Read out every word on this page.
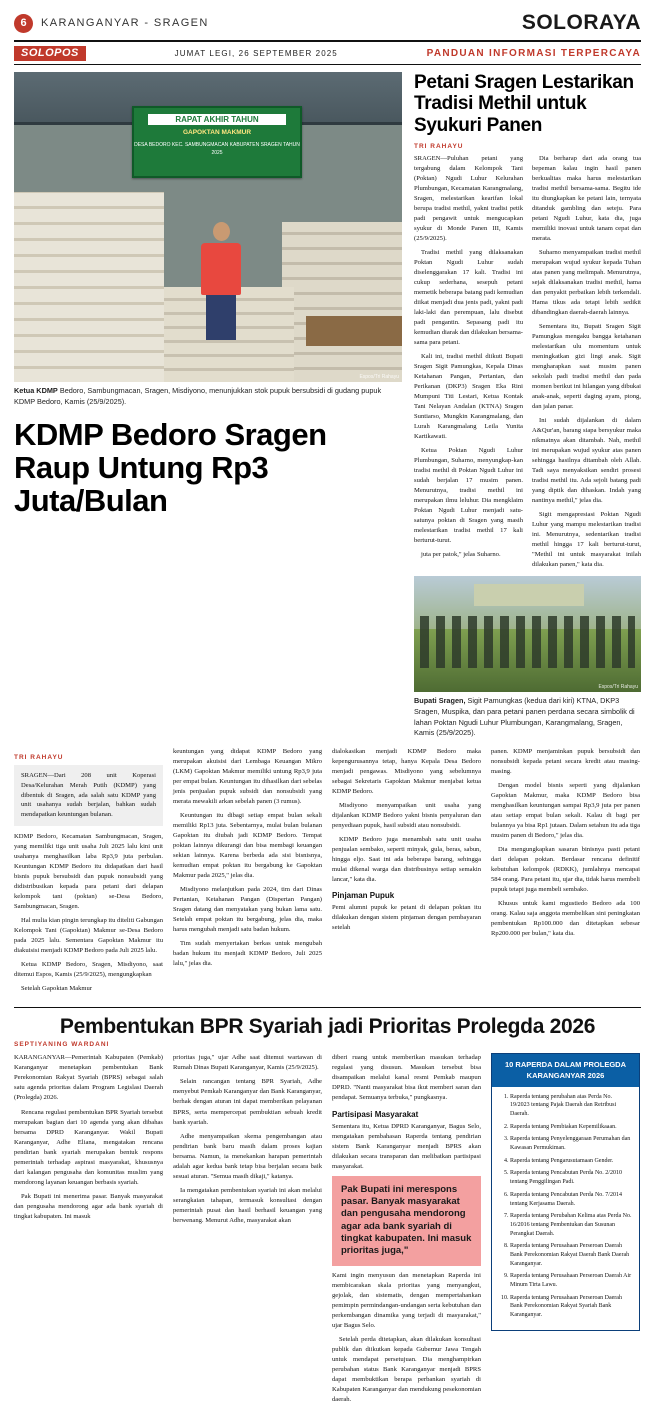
6	KARANGANYAR - SRAGEN	SOLORAYA
SOLOPOS	JUMAT LEGI, 26 SEPTEMBER 2025	PANDUAN INFORMASI TERPERCAYA
RAPAT AKHIR TAHUN
GAPOKTAN MAKMUR
DESA BEDORO KEC. SAMBUNGMACAN KABUPATEN SRAGEN TAHUN 2025
Espos/Tri Rahayu
Ketua KDMP Bedoro, Sambungmacan, Sragen, Misdiyono, menunjukkan stok pupuk bersubsidi di gudang pupuk KDMP Bedoro, Kamis (25/9/2025).
KDMP Bedoro Sragen Raup Untung Rp3 Juta/Bulan
Petani Sragen Lestarikan Tradisi Methil untuk Syukuri Panen
TRI RAHAYU

SRAGEN—Puluhan petani yang tergabung dalam Kelompok Tani (Poktan) Ngudi Luhur Kelurahan Plumbungan, Kecamatan Karangmalang, Sragen, melestarikan kearifan lokal berupa tradisi methil, yakni tradisi petik padi pengawit untuk mengucapkan syukur di Monde Panen III, Kamis (25/9/2025).

Tradisi methil yang dilaksanakan Poktan Ngudi Luhur sudah diselenggarakan 17 kali. Tradisi ini cukup sederhana, sesepuh petani memetik beberapa batang padi kemudian diikat menjadi dua jenis padi, yakni padi laki-laki dan perempuan, lalu disebut padi pengantin. Sepasang padi itu kemudian diarak dan dilakukan bersama-sama para petani.

Kali ini, tradisi methil diikuti Bupati Sragen Sigit Pamungkas, Kepala Dinas Ketahanan Pangan, Pertanian, dan Perikanan (DKP3) Sragen Eka Rini Mumpuni Titi Lestari, Ketua Kontak Tani Nelayan Andalan (KTNA) Sragen Suntiarso, Mungkin Karangmalang, dan Lurah Karangmalang Leila Yunita Kartikawati.

Ketua Poktan Ngudi Luhur Plumbungan, Suharno, menyungkap-kan tradisi methil di Poktan Ngudi Luhur ini sudah berjalan 17 musim panen. Menurutnya, tradisi methil ini merupakan ilmu leluhur. Dia mengklaim Poktan Ngudi Luhur menjadi satu-satunya poktan di Sragen yang masih melestarikan tradisi methil 17 kali berturut-turut.

juta per patok," jelas Suharno.

Dia berharap dari ada orang tua bepeman kalau ingin hasil panen berkualitas maka harus melestarikan tradisi methil bersama-sama. Begitu ide itu diungkapkan ke petani lain, ternyata ditanduk gambling dan seteju. Para petani Ngudi Luhur, kata dia, juga memiliki inovasi untuk tanam cepat dan merata.

Suharno menyampaikan tradisi methil merupakan wujud syukur kepada Tuhan atas panen yang melimpah. Menurutnya, sejak dilaksanakan tradisi methil, hama dan penyakit perbaikan lebih terkendali. Hama tikus ada tetapi lebih sedikit dibandingkan daerah-daerah lainnya.

Sementara itu, Bupati Sragen Sigit Pamungkas mengaku bangga ketahanan melestarikan ulu momentum untuk meningkatkan gizi lingi anak. Sigit mengharapkan saat musim panen sekolah padi tradisi methil dan pada momen berikut ini hilangan yang dibukai anak-anak, seperti daging ayam, ptong, dan jalan panar.

Ini sudah dijalankan di dalam A&Qur'an, barang siapa bersyukur maka nikmatnya akan ditambah. Nah, methil ini merupakan wujud syukur atas panen sehingga hasilnya ditambah oleh Allah. Tadi saya menyaksikan sendiri prosesi tradisi methil itu. Ada sejoli batang padi yang diptik dan dihaskan. Indah yang nantinya methil," jelas dia.

Sigit mengapresiasi Poktan Ngudi Luhur yang mampu melestarikan tradisi ini. Menurutnya, sedentarikan tradisi methil hingga 17 kali berturut-turut, "Methil ini untuk masyarakat inilah dilakukan panen," kata dia.

Espos/Tri Rahayu
Bupati Sragen, Sigit Pamungkas (kedua dari kiri) KTNA, DKP3 Sragen, Muspika, dan para petani panen perdana secara simbolik di lahan Poktan Ngudi Luhur Plumbungan, Karangmalang, Sragen, Kamis (25/9/2025).
TRI RAHAYU

SRAGEN—Dari 208 unit Koperasi Desa/Kelurahan Merah Putih (KDMP) yang dibentuk di Sragen, ada salah satu KDMP yang unit usahanya sudah berjalan, bahkan sudah mendapatkan keuntungan bulanan.

KDMP Bedoro, Kecamatan Sambungmacan, Sragen, yang memiliki tiga unit usaha Juli 2025 lalu kini unit usahanya menghasilkan laba Rp3,9 juta perbulan. Keuntungan KDMP Bedoro itu didapatkan dari hasil bisnis pupuk bersubsidi dan pupuk nonsubsidi yang didistribusikan kepada para petani dari delapan kelompok tani (poktan) se-Desa Bedoro, Sambungmacan, Sragen.

Hal mulia kian pingin terungkap itu diteliti Gabungan Kelompok Tani (Gapoktan) Makmur se-Desa Bedoro pada 2025 lalu. Sementara Gapoktan Makmur itu diakuisisi menjadi KDMP Bedoro pada Juli 2025 lalu.

Ketua KDMP Bedoro, Sragen, Misdiyono, saat ditemui Espos, Kamis (25/9/2025), mengungkapkan

Setelah Gapoktan Makmur

keuntungan yang didapat KDMP Bedoro yang merupakan akuisisi dari Lembaga Keuangan Mikro (LKM) Gapoktan Makmur memiliki untung Rp3,9 juta per empat bulan. Keuntungan itu dihasilkan dari sebelas jenis penjualan pupuk subsidi dan nonsubsidi yang merata mewakili arkan sebelah panen (3 rumus).

Keuntungan itu dibagi setiap empat bulan sekali memiliki Rp13 juta. Sebentarnya, mulai bulan bulanan Gapoktan itu diubah jadi KDMP Bedoro. Tempat poktan lainnya dikurangi dan bisa membagi keuangan sekian lainnya. Karena berbeda ada sisi bisnisnya, kemudian empat poktan itu bergabung ke Gapoktan Makmur pada 2025," jelas dia.

Misdiyono melanjutkan pada 2024, tim dari Dinas Pertanian, Ketahanan Pangan (Dispertan Pangan) Sragen datang dan menyatakan yang bukan lama satu. Setelah empat poktan itu bergabung, jelas dia, maka harus mengubah menjadi satu badan hukum.

Tim sudah menyertakan berkas untuk mengubah badan hukum itu menjadi KDMP Bedoro, Juli 2025 lalu," jelas dia.

dialokasikan menjadi KDMP Bedoro maka kepengurusannya tetap, hanya Kepala Desa Bedoro menjadi pengawas. Misdiyono yang sebelumnya sebagai Sekretaris Gapoktan Makmur menjabat ketua KDMP Bedoro.

Misdiyono menyampaikan unit usaha yang dijalankan KDMP Bedoro yakni bisnis penyaluran dan penyediaan pupuk, hasil subsidi atau nonsubsidi.

KDMP Bedoro juga menambah satu unit usaha penjualan sembako, seperti minyak, gula, beras, sabun, hingga eljo. Saat ini ada beberapa barang, sehingga mulai dikenal warga dan distribusinya setiap semakin lancar," kata dia.

Pinjaman Pupuk

Pemi alumni pupuk ke petani di delapan poktan itu dilakukan dengan sistem pinjaman dengan pembayaran setelah

panen. KDMP menjaminkan pupuk bersubsidi dan nonsubsidi kepada petani secara kredit atau masing-masing.

Dengan model bisnis seperti yang dijalankan Gapoktan Makmur, maka KDMP Bedoro bisa menghasilkan keuntungan sampai Rp3,9 juta per panen atau setiap empat bulan sekali. Kalau di bagi per bulannya ya bisa Rp1 jutaan. Dalam setahun itu ada tiga musim panen di Bedoro," jelas dia.

Dia mengungkapkan sasaran binisnya pasti petani dari delapan poktan. Berdasar rencana definitif kebutuhan kelompok (RDKK), jumlahnya mencapai 584 orang. Para petani itu, ujar dia, tidak harus membeli pupuk tetapi juga membeli sembako.

Khusus untuk kami mgustiedo Bedoro ada 100 orang. Kalau saja anggota membelikan sini peningkatan pembentukan Rp100.000 dan ditetapkan sebesar Rp200.000 per bulan," kata dia.

Pembentukan BPR Syariah jadi Prioritas Prolegda 2026
SEPTIYANING WARDANI

KARANGANYAR—Pemerintah Kabupaten (Pemkab) Karanganyar menetapkan pembentukan Bank Perekonomian Rakyat Syariah (BPRS) sebagai salah satu agenda prioritas dalam Program Legislasi Daerah (Prolegda) 2026.

Rencana regulasi pembentukan BPR Syariah tersebut merupakan bagian dari 10 agenda yang akan dibahas bersama DPRD Karanganyar. Wakil Bupati Karanganyar, Adhe Eliana, mengatakan rencana pendirian bank syariah merupakan bentuk respons pemerintah terhadap aspirasi masyarakat, khususnya dari kalangan pengusaha dan komunitas muslim yang mendorong layanan keuangan berbasis syariah.

Pak Bupati ini menerima pasar. Banyak masyarakat dan pengusaha mendorong agar ada bank syariah di tingkat kabupaten. Ini masuk

prioritas juga," ujar Adhe saat ditemui wartawan di Rumah Dinas Bupati Karanganyar, Kamis (25/9/2025).

Selain rancangan tentang BPR Syariah, Adhe menyebut Pemkab Karanganyar dan Bank Karanganyar, berhak dengan aturan ini dapat memberikan pelayanan BPRS, serta mempercepat pembuktian sebuah kredit bank syariah.

Adhe menyampaikan skema pengembangan atau pendirian bank baru masih dalam proses kajian bersama. Namun, ia menekankan harapan pemerintah adalah agar kedua bank tetap bisa berjalan secara baik sesuai aturan. "Semua masih dikaji," katanya.

Ia mengatakan pembentukan syariah ini akan melalui serangkaian tahapan, termasuk konsultasi dengan pemerintah pusat dan hasil berhasil keuangan yang berwenang. Menurut Adhe, masyarakat akan

diberi ruang untuk memberikan masukan terhadap regulasi yang disusun. Masukan tersebut bisa disampaikan melalui kanal resmi Pemkab maupun DPRD. "Nanti masyarakat bisa ikut memberi saran dan pendapat. Semuanya terbuka," pungkasnya.

Partisipasi Masyarakat

Sementara itu, Ketua DPRD Karanganyar, Bagus Selo, mengatakan pembahasan Raperda tentang pendirian sistem Bank Karanganyar menjadi BPRS akan dilakukan secara transparan dan melibatkan partisipasi masyarakat.

Pak Bupati ini merespons pasar. Banyak masyarakat dan pengusaha mendorong agar ada bank syariah di tingkat kabupaten. Ini masuk prioritas juga,"

Kami ingin menyusun dan menetapkan Raperda ini membicarakan skala prioritas yang menyangkut, gejolak, dan sistematis, dengan mempertahankan pemimpin permindangan-undangan serta kebutuhan dan perkembangan dinamika yang terjadi di masyarakat," ujar Bagus Selo.

Setelah perda ditetapkan, akan dilakukan konsultasi publik dan diikutkan kepada Gubernur Jawa Tengah untuk mendapat persetujuan. Dia menghampirkan perubahan status Bank Karanganyar menjadi BPRS dapat membuktikan berapa perbankan syariah di Kabupaten Karanganyar dan mendukung pesekonomian daerah.

10 RAPERDA DALAM PROLEGDA KARANGANYAR 2026
1. Raperda tentang perubahan atas Perda No. 19/2023 tentang Pajak Daerah dan Retribusi Daerah.
2. Raperda tentang Pembiakan Kepemilikaaan.
3. Raperda tentang Penyelenggaraan Perumahan dan Kawasan Permukiman.
4. Raperda tentang Pengarusutamaan Gender.
5. Raperda tentang Pencabutan Perda No. 2/2010 tentang Penggilingan Padi.
6. Raperda tentang Pencabutan Perda No. 7/2014 tentang Kerjasama Daerah.
7. Raperda tentang Perubahan Kelima atas Perda No. 16/2016 tentang Pembentukan dan Susunan Perangkat Daerah.
8. Raperda tentang Perusahaan Perseroan Daerah Bank Perekonomian Rakyat Daerah Bank Daerah Karanganyar.
9. Raperda tentang Perusahaan Perseroan Daerah Air Minum Tirta Lawu.
10. Raperda tentang Perusahaan Perseroan Daerah Bank Perekonomian Rakyat Syariah Bank Karanganyar.
